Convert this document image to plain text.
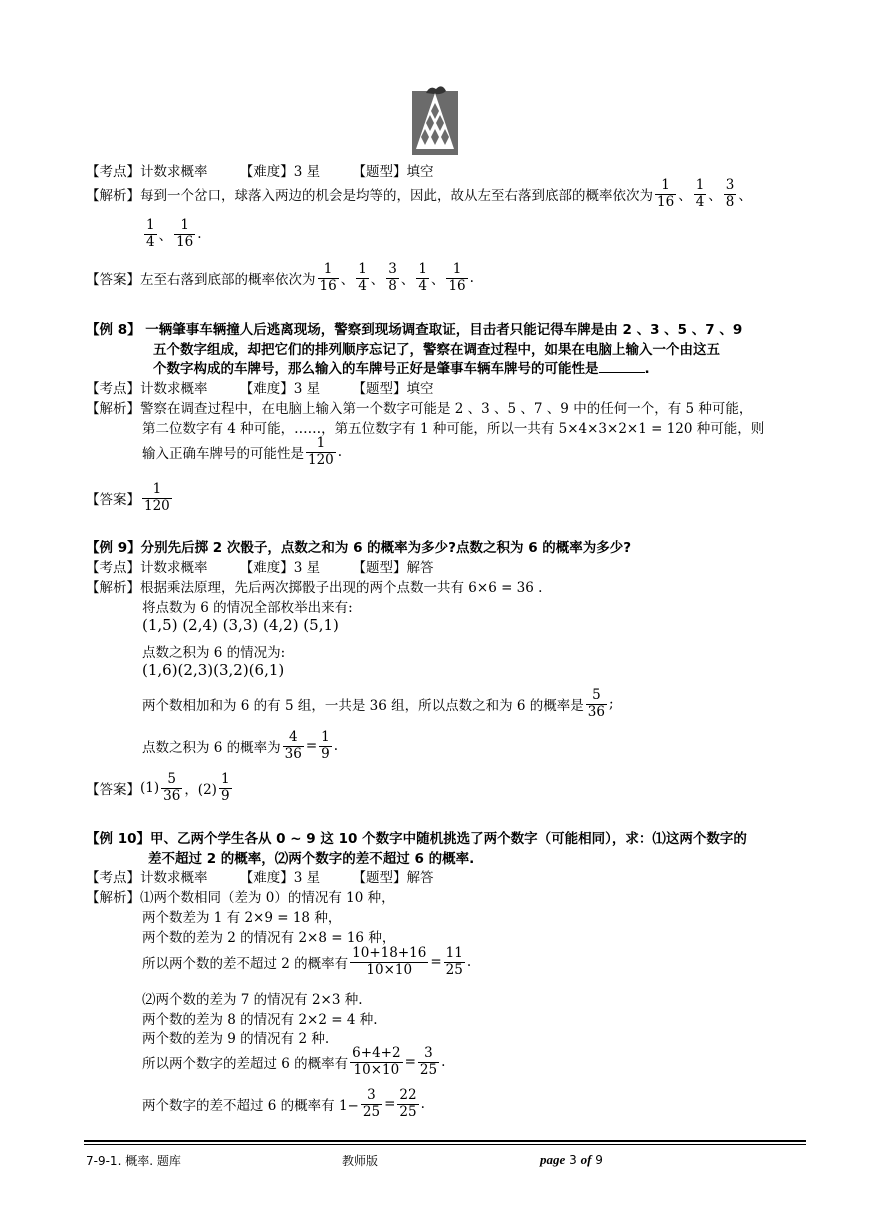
【考点】计数求概率 【难度】3 星 【题型】填空
【解析】 每到一个岔口，球落入两边的机会是均等的，因此，故从左至右落到底部的概率依次为 $\frac{1}{16}$ 、 $\frac{1}{4}$ 、 $\frac{3}{8}$ 、
$\frac{1}{4}$ 、 $\frac{1}{16}$ .
【答案】 左至右落到底部的概率依次为 $\frac{1}{16}$ 、 $\frac{1}{4}$ 、 $\frac{3}{8}$ 、 $\frac{1}{4}$ 、 $\frac{1}{16}$ .
【例 8】 一辆肇事车辆撞人后逃离现场，警察到现场调查取证，目击者只能记得车牌是由 2 、3 、5 、7 、9
五个数字组成，却把它们的排列顺序忘记了，警察在调查过程中，如果在电脑上输入一个由这五
个数字构成的车牌号，那么输入的车牌号正好是肇事车辆车牌号的可能性是	.
【考点】计数求概率 【难度】3 星 【题型】填空
【解析】警察在调查过程中，在电脑上输入第一个数字可能是 2 、3 、5 、7 、9 中的任何一个，有 5 种可能，
第二位数字有 4 种可能，……，第五位数字有 1 种可能，所以一共有 5×4×3×2×1 = 120 种可能，则
输入正确车牌号的可能性是 $\frac{1}{120}$ .
【答案】 $\frac{1}{120}$
【例 9】分别先后掷 2 次骰子，点数之和为 6 的概率为多少?点数之积为 6 的概率为多少?
【考点】计数求概率 【难度】3 星 【题型】解答
【解析】根据乘法原理，先后两次掷骰子出现的两个点数一共有 6×6 = 36 .
将点数为 6 的情况全部枚举出来有:
(1,5) (2,4) (3,3) (4,2) (5,1)
点数之积为 6 的情况为:
(1,6)(2,3)(3,2)(6,1)
两个数相加和为 6 的有 5 组，一共是 36 组，所以点数之和为 6 的概率是 $\frac{5}{36}$ ;
点数之积为 6 的概率为 $\frac{4}{36} = \frac{1}{9}$ .
【答案】 $(1) \frac{5}{36}$ ，$(2) \frac{1}{9}$
【例 10】甲、乙两个学生各从 0 ~ 9 这 10 个数字中随机挑选了两个数字（可能相同），求：⑴这两个数字的
差不超过 2 的概率，⑵两个数字的差不超过 6 的概率.
【考点】计数求概率 【难度】3 星 【题型】解答
【解析】⑴两个数相同（差为 0）的情况有 10 种，
两个数差为 1 有 2×9 = 18 种，
两个数的差为 2 的情况有 2×8 = 16 种，
所以两个数的差不超过 2 的概率有 $\frac{10+18+16}{10\times 10} = \frac{11}{25}$ .
⑵两个数的差为 7 的情况有 2×3 种.
两个数的差为 8 的情况有 2×2 = 4 种.
两个数的差为 9 的情况有 2 种.
所以两个数字的差超过 6 的概率有 $\frac{6+4+2}{10\times 10} = \frac{3}{25}$ .
两个数字的差不超过 6 的概率有 $1- \frac{3}{25} = \frac{22}{25}$ .
7-9-1. 概率. 题库	教师版	page 3 of 9
